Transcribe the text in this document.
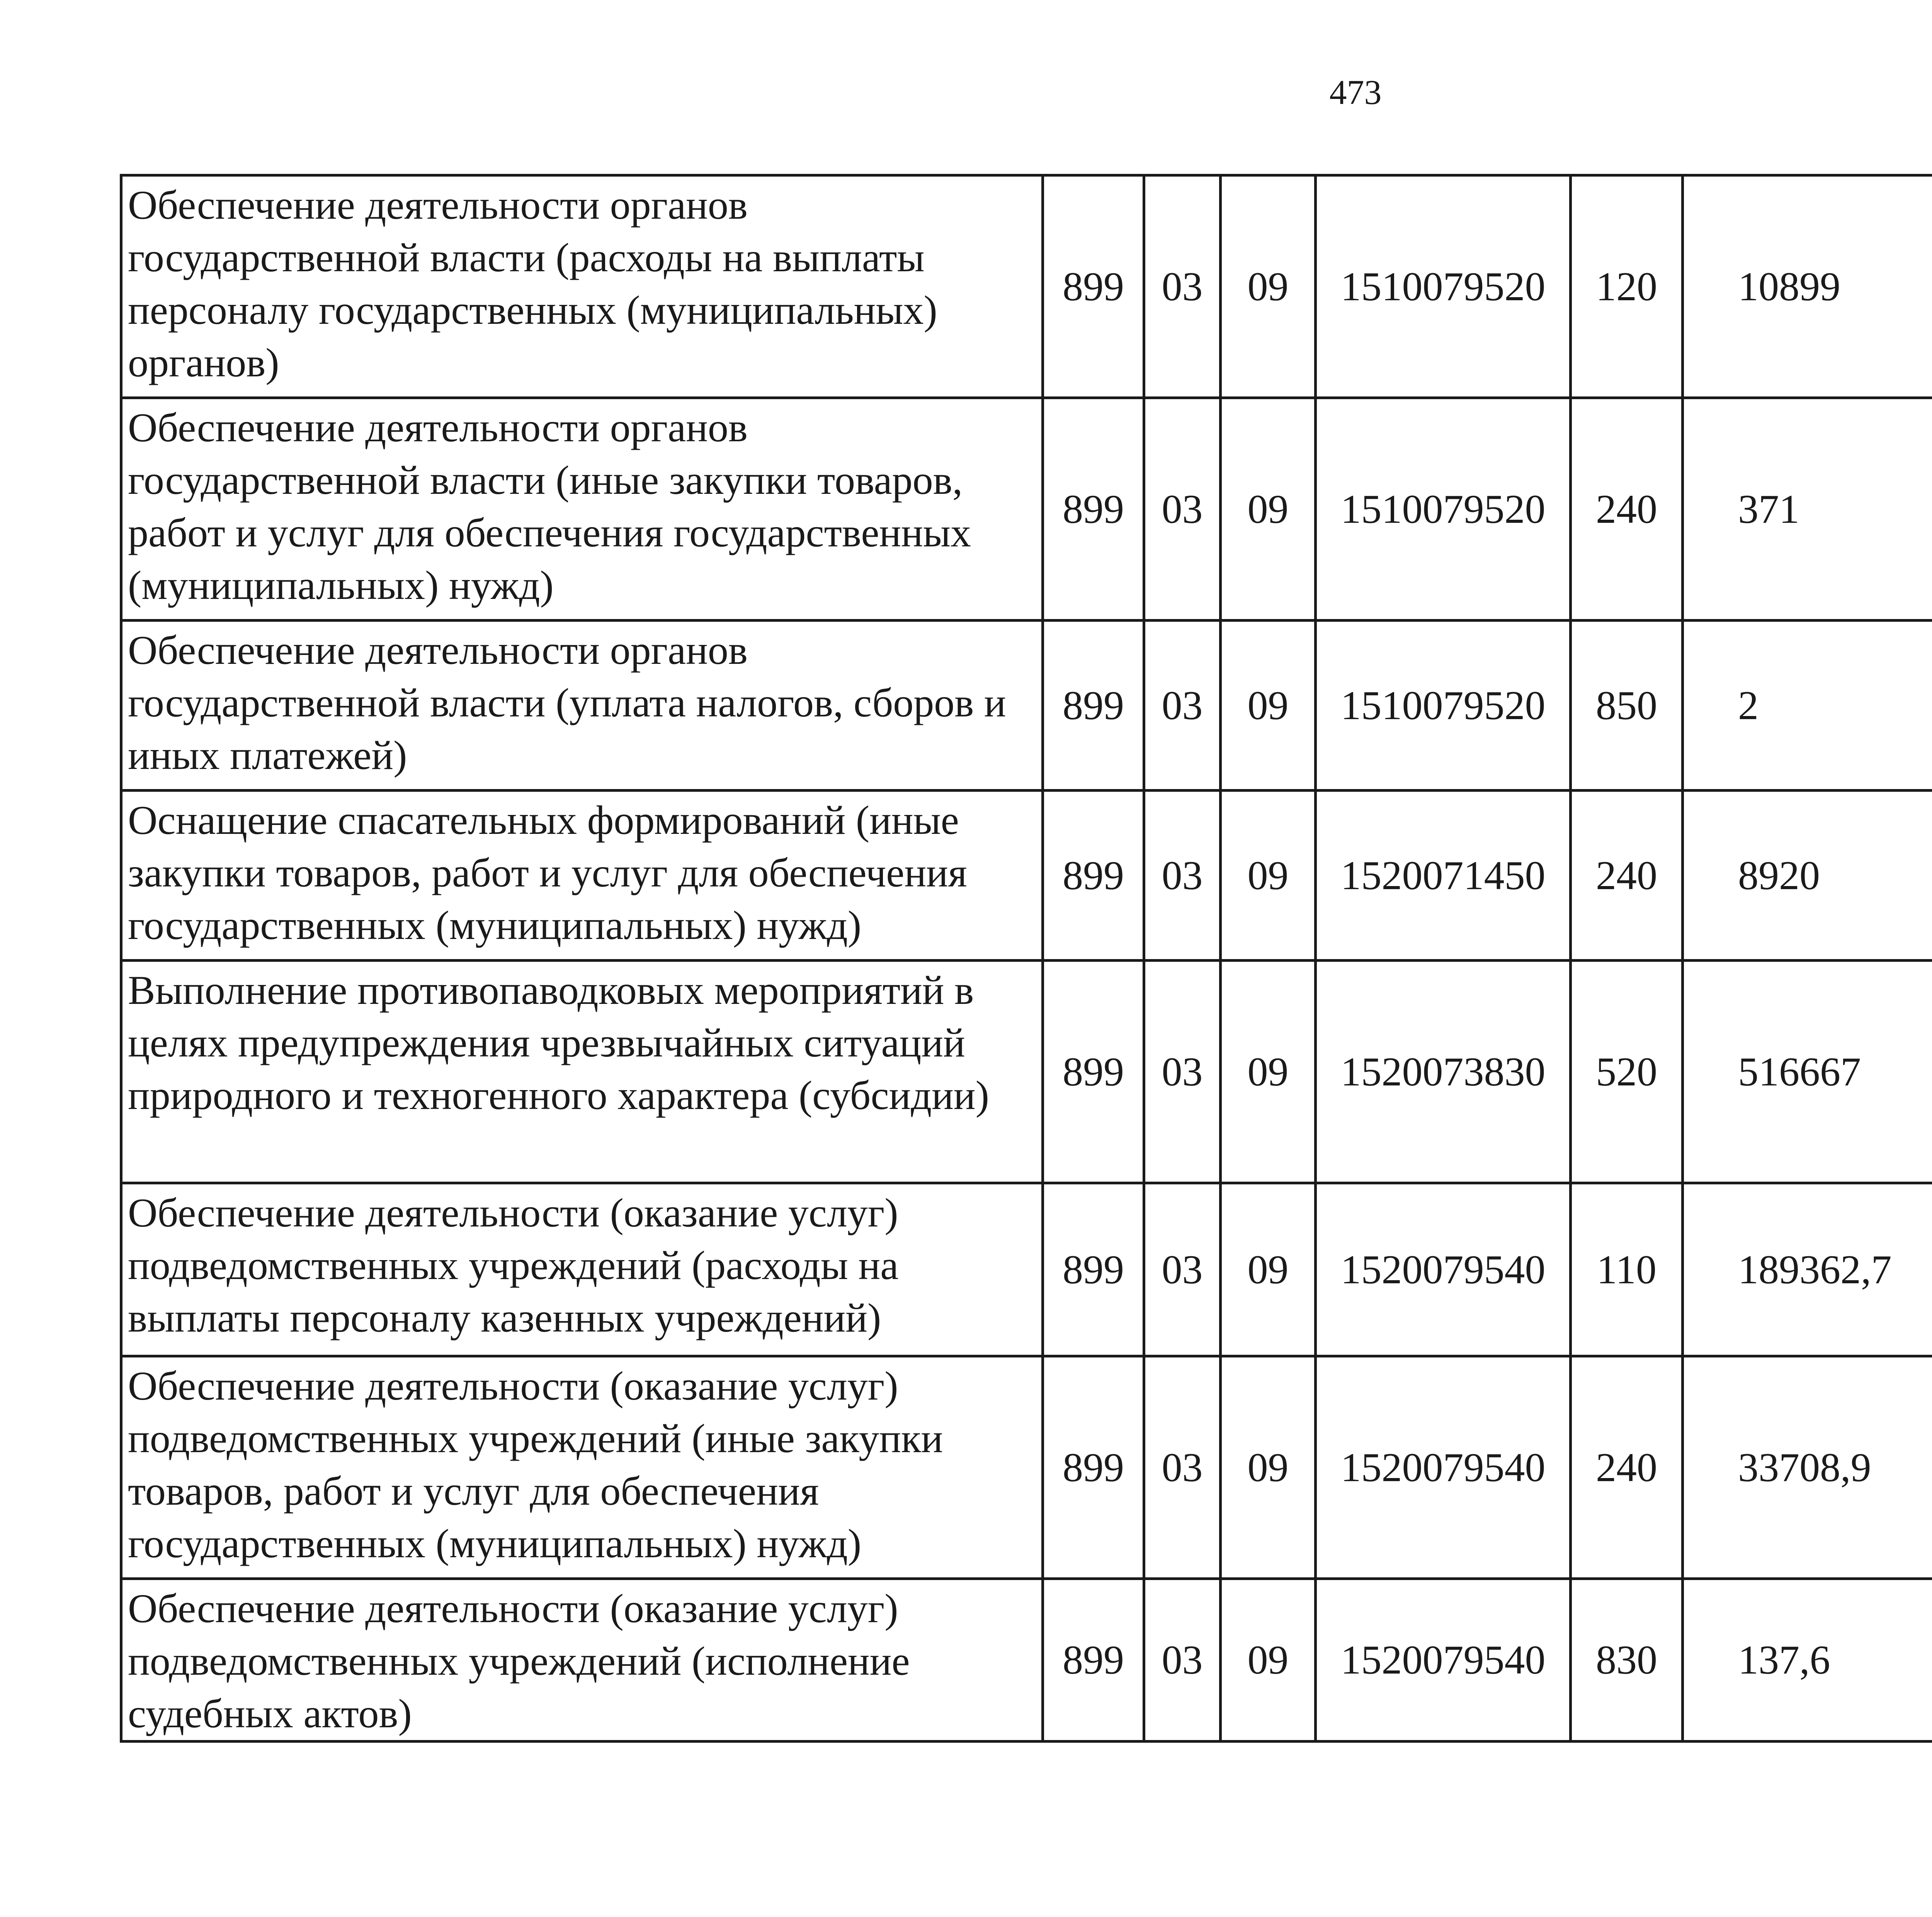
473
Обеспечение деятельности органов государственной власти (расходы на выплаты персоналу государственных (муниципальных) органов)	899	03	09	1510079520	120	10899		
Обеспечение деятельности органов государственной власти (иные закупки товаров, работ и услуг для обеспечения государственных (муниципальных) нужд)	899	03	09	1510079520	240	371		
Обеспечение деятельности органов государственной власти (уплата налогов, сборов и иных платежей)	899	03	09	1510079520	850	2		
Оснащение спасательных формирований (иные закупки товаров, работ и услуг для обеспечения государственных (муниципальных) нужд)	899	03	09	1520071450	240	8920		
Выполнение противопаводковых мероприятий в целях предупреждения чрезвычайных ситуаций природного и техногенного характера (субсидии)	899	03	09	1520073830	520	516667		
Обеспечение деятельности (оказание услуг) подведомственных учреждений (расходы на выплаты персоналу казенных учреждений)	899	03	09	1520079540	110	189362,7		
Обеспечение деятельности (оказание услуг) подведомственных учреждений (иные закупки товаров, работ и услуг для обеспечения государственных (муниципальных) нужд)	899	03	09	1520079540	240	33708,9		
Обеспечение деятельности (оказание услуг) подведомственных учреждений (исполнение судебных актов)	899	03	09	1520079540	830	137,6		
